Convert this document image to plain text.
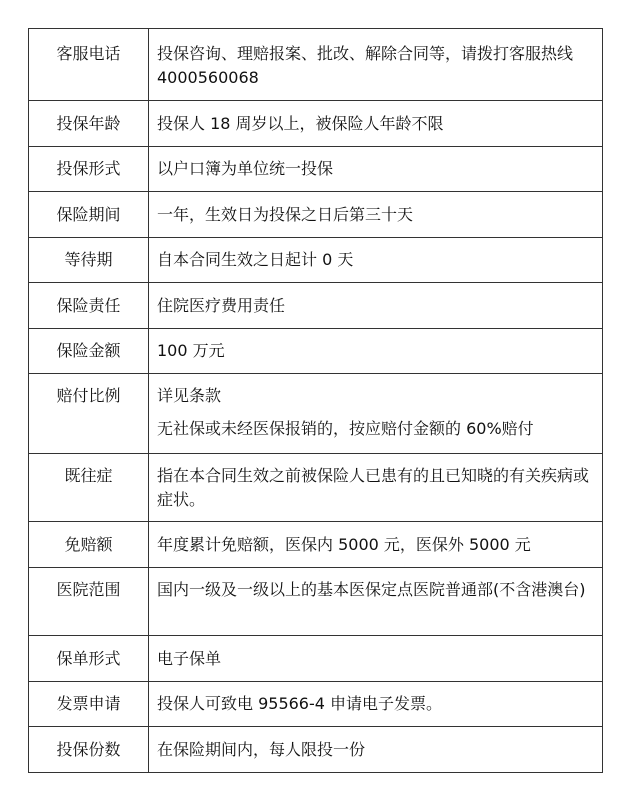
客服电话	投保咨询、理赔报案、批改、解除合同等，请拨打客服热线 4000560068

投保年龄	投保人 18 周岁以上，被保险人年龄不限

投保形式	以户口簿为单位统一投保

保险期间	一年，生效日为投保之日后第三十天

等待期	自本合同生效之日起计 0 天

保险责任	住院医疗费用责任

保险金额	100 万元

赔付比例	详见条款
无社保或未经医保报销的，按应赔付金额的 60%赔付

既往症	指在本合同生效之前被保险人已患有的且已知晓的有关疾病或症状。

免赔额	年度累计免赔额，医保内 5000 元，医保外 5000 元

医院范围	国内一级及一级以上的基本医保定点医院普通部(不含港澳台)

保单形式	电子保单

发票申请	投保人可致电 95566-4 申请电子发票。

投保份数	在保险期间内，每人限投一份
